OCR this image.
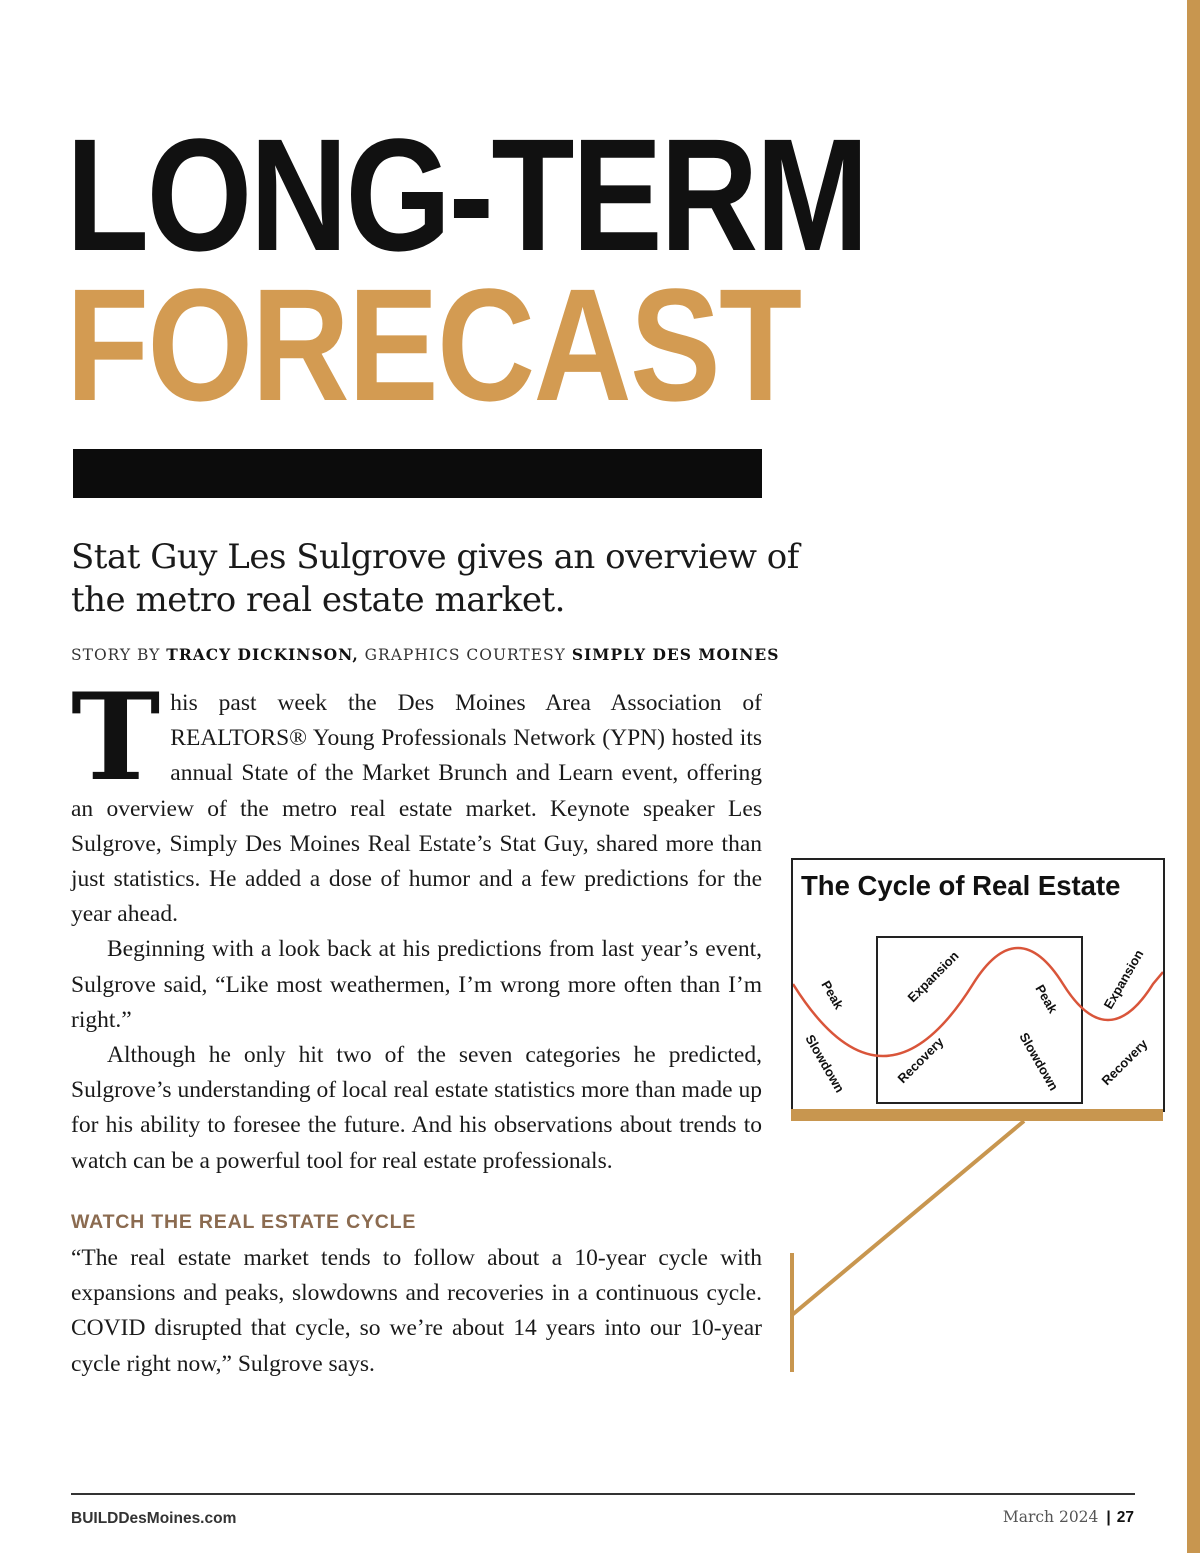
LONG-TERM
FORECAST

Stat Guy Les Sulgrove gives an overview of the metro real estate market.

STORY BY TRACY DICKINSON, GRAPHICS COURTESY SIMPLY DES MOINES

T his past week the Des Moines Area Association of REALTORS® Young Professionals Network (YPN) hosted its annual State of the Market Brunch and Learn event, offering an overview of the metro real estate market. Keynote speaker Les Sulgrove, Simply Des Moines Real Estate’s Stat Guy, shared more than just statistics. He added a dose of humor and a few predictions for the year ahead.

Beginning with a look back at his predictions from last year’s event, Sulgrove said, “Like most weathermen, I’m wrong more often than I’m right.”

Although he only hit two of the seven categories he predicted, Sulgrove’s understanding of local real estate statistics more than made up for his ability to foresee the future. And his observations about trends to watch can be a powerful tool for real estate professionals.

WATCH THE REAL ESTATE CYCLE

“The real estate market tends to follow about a 10-year cycle with expansions and peaks, slowdowns and recoveries in a continuous cycle. COVID disrupted that cycle, so we’re about 14 years into our 10-year cycle right now,” Sulgrove says.

The Cycle of Real Estate

Peak
Slowdown
Expansion
Recovery
Peak
Slowdown
Expansion
Recovery

BUILDDesMoines.com	March 2024 | 27
